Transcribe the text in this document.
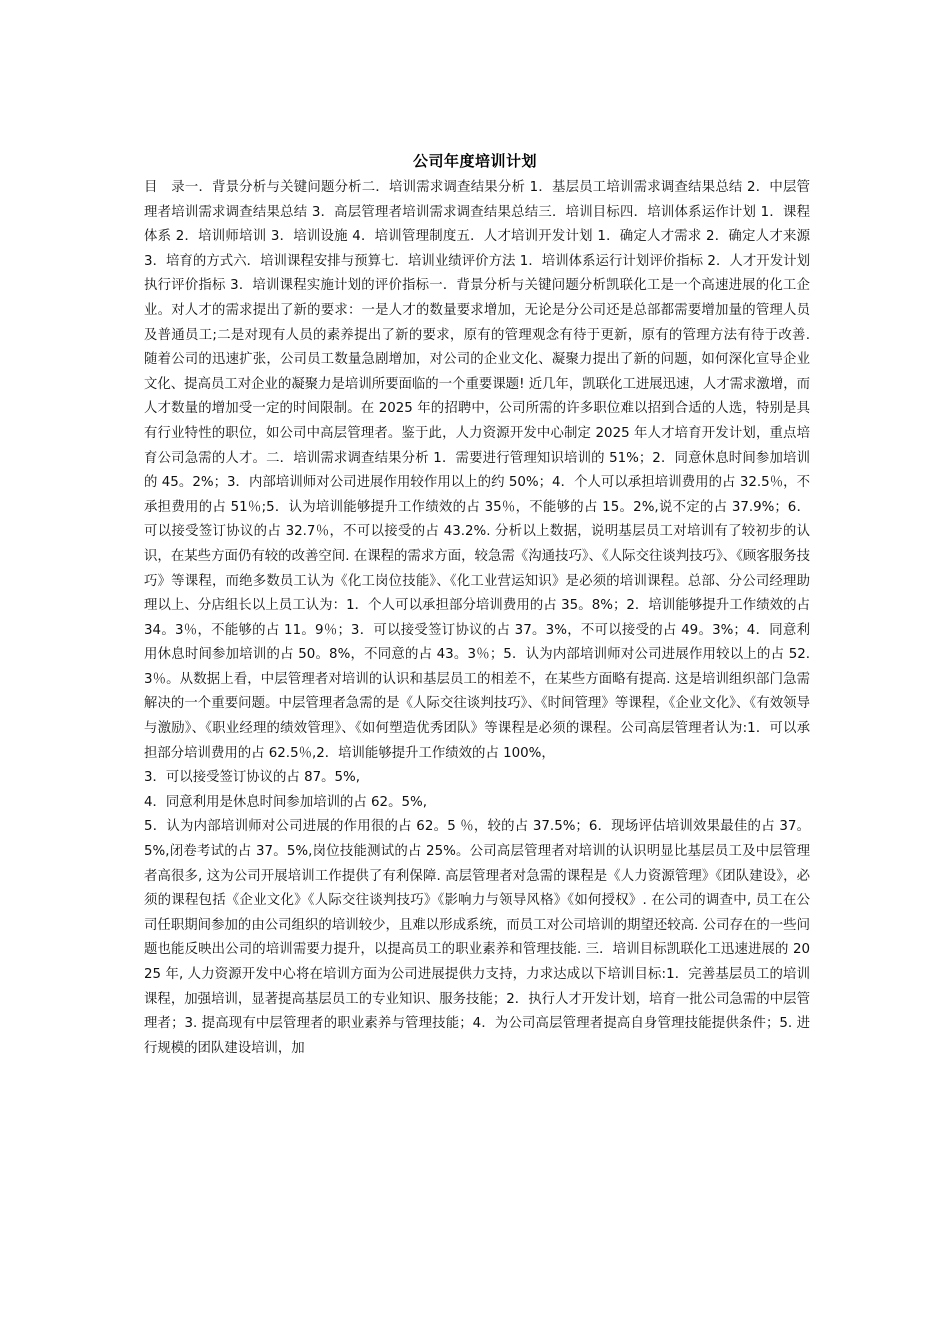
公司年度培训计划

目　录一．背景分析与关键问题分析二．培训需求调查结果分析 1．基层员工培训需求调查结果总结 2．中层管理者培训需求调查结果总结 3．高层管理者培训需求调查结果总结三．培训目标四．培训体系运作计划 1．课程体系 2．培训师培训 3．培训设施 4．培训管理制度五．人才培训开发计划 1．确定人才需求 2．确定人才来源 3．培育的方式六．培训课程安排与预算七．培训业绩评价方法 1．培训体系运行计划评价指标 2．人才开发计划执行评价指标 3．培训课程实施计划的评价指标一．背景分析与关键问题分析凯联化工是一个高速进展的化工企业。对人才的需求提出了新的要求：一是人才的数量要求增加，无论是分公司还是总部都需要增加量的管理人员及普通员工;二是对现有人员的素养提出了新的要求，原有的管理观念有待于更新，原有的管理方法有待于改善. 随着公司的迅速扩张，公司员工数量急剧增加，对公司的企业文化、凝聚力提出了新的问题，如何深化宣导企业文化、提高员工对企业的凝聚力是培训所要面临的一个重要课题! 近几年，凯联化工进展迅速，人才需求激增，而人才数量的增加受一定的时间限制。在 2025 年的招聘中，公司所需的许多职位难以招到合适的人选，特别是具有行业特性的职位，如公司中高层管理者。鉴于此，人力资源开发中心制定 2025 年人才培育开发计划，重点培育公司急需的人才。二．培训需求调查结果分析 1．需要进行管理知识培训的 51%；2．同意休息时间参加培训的 45。2%；3．内部培训师对公司进展作用较作用以上的约 50%；4．个人可以承担培训费用的占 32.5％，不承担费用的占 51％;5．认为培训能够提升工作绩效的占 35％，不能够的占 15。2%,说不定的占 37.9%；6．可以接受签订协议的占 32.7％，不可以接受的占 43.2%. 分析以上数据，说明基层员工对培训有了较初步的认识，在某些方面仍有较的改善空间. 在课程的需求方面，较急需《沟通技巧》、《人际交往谈判技巧》、《顾客服务技巧》等课程，而绝多数员工认为《化工岗位技能》、《化工业营运知识》是必须的培训课程。总部、分公司经理助理以上、分店组长以上员工认为：1．个人可以承担部分培训费用的占 35。8%；2．培训能够提升工作绩效的占 34。3％，不能够的占 11。9％；3．可以接受签订协议的占 37。3%，不可以接受的占 49。3%；4．同意利用休息时间参加培训的占 50。8%，不同意的占 43。3％；5．认为内部培训师对公司进展作用较以上的占 52.3％。从数据上看，中层管理者对培训的认识和基层员工的相差不，在某些方面略有提高. 这是培训组织部门急需解决的一个重要问题。中层管理者急需的是《人际交往谈判技巧》、《时间管理》等课程，《企业文化》、《有效领导与激励》、《职业经理的绩效管理》、《如何塑造优秀团队》等课程是必须的课程。公司高层管理者认为:1．可以承担部分培训费用的占 62.5％,2．培训能够提升工作绩效的占 100%，

3．可以接受签订协议的占 87。5%,

4．同意利用是休息时间参加培训的占 62。5%,

5．认为内部培训师对公司进展的作用很的占 62。5 ％，较的占 37.5%；6．现场评估培训效果最佳的占 37。5%,闭卷考试的占 37。5%,岗位技能测试的占 25%。公司高层管理者对培训的认识明显比基层员工及中层管理者高很多, 这为公司开展培训工作提供了有利保障. 高层管理者对急需的课程是《人力资源管理》《团队建设》，必须的课程包括《企业文化》《人际交往谈判技巧》《影响力与领导风格》《如何授权》. 在公司的调查中, 员工在公司任职期间参加的由公司组织的培训较少，且难以形成系统，而员工对公司培训的期望还较高. 公司存在的一些问题也能反映出公司的培训需要力提升，以提高员工的职业素养和管理技能. 三．培训目标凯联化工迅速进展的 2025 年, 人力资源开发中心将在培训方面为公司进展提供力支持，力求达成以下培训目标:1．完善基层员工的培训课程，加强培训，显著提高基层员工的专业知识、服务技能；2．执行人才开发计划，培育一批公司急需的中层管理者；3. 提高现有中层管理者的职业素养与管理技能；4．为公司高层管理者提高自身管理技能提供条件；5. 进行规模的团队建设培训，加
